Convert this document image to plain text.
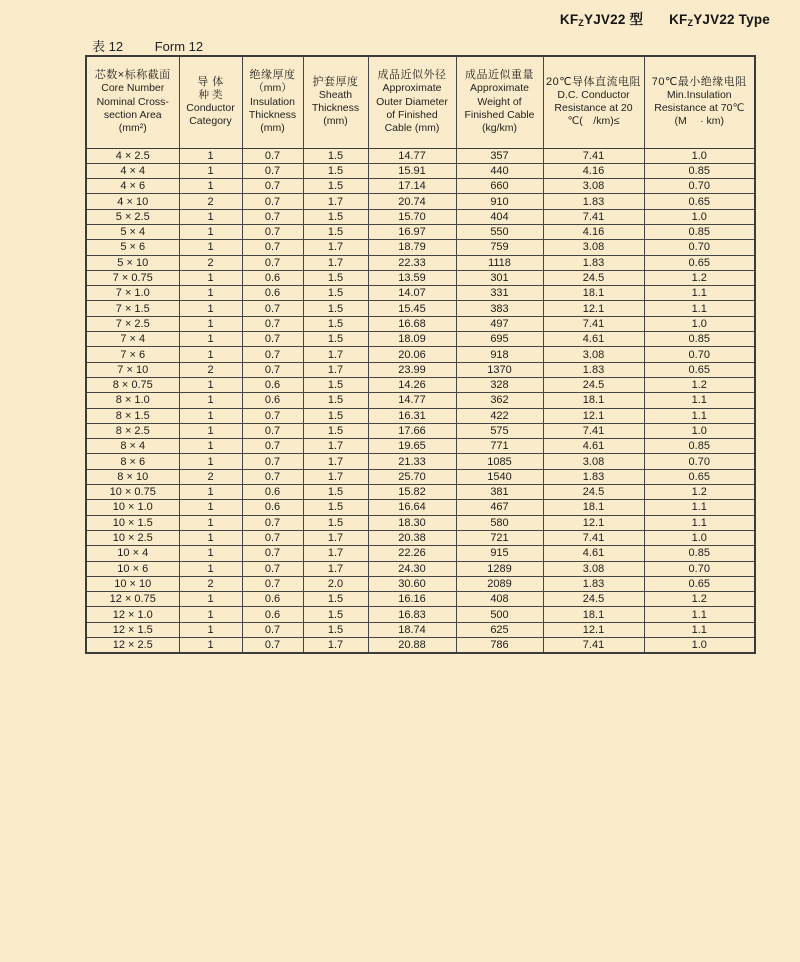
$KF_ZYJV22$ 型 $KF_ZYJV22$ Type
表 12 Form 12
芯数×标称截面
Core Number
Nominal Cross-
section Area
(mm²)

导 体
种 类
Conductor
Category

绝缘厚度
（mm）
Insulation
Thickness
(mm)

护套厚度
Sheath
Thickness
(mm)

成品近似外径
Approximate
Outer Diameter
of Finished
Cable (mm)

成品近似重量
Approximate
Weight of
Finished Cable
(kg/km)

20℃导体直流电阻
D.C. Conductor
Resistance at 20
℃(　/km)≤

70℃最小绝缘电阻
Min.Insulation
Resistance at 70℃
(M　 · km)

4 × 2.5	1	0.7	1.5	14.77	357	7.41	1.0
4 × 4	1	0.7	1.5	15.91	440	4.16	0.85
4 × 6	1	0.7	1.5	17.14	660	3.08	0.70
4 × 10	2	0.7	1.7	20.74	910	1.83	0.65
5 × 2.5	1	0.7	1.5	15.70	404	7.41	1.0
5 × 4	1	0.7	1.5	16.97	550	4.16	0.85
5 × 6	1	0.7	1.7	18.79	759	3.08	0.70
5 × 10	2	0.7	1.7	22.33	1118	1.83	0.65
7 × 0.75	1	0.6	1.5	13.59	301	24.5	1.2
7 × 1.0	1	0.6	1.5	14.07	331	18.1	1.1
7 × 1.5	1	0.7	1.5	15.45	383	12.1	1.1
7 × 2.5	1	0.7	1.5	16.68	497	7.41	1.0
7 × 4	1	0.7	1.5	18.09	695	4.61	0.85
7 × 6	1	0.7	1.7	20.06	918	3.08	0.70
7 × 10	2	0.7	1.7	23.99	1370	1.83	0.65
8 × 0.75	1	0.6	1.5	14.26	328	24.5	1.2
8 × 1.0	1	0.6	1.5	14.77	362	18.1	1.1
8 × 1.5	1	0.7	1.5	16.31	422	12.1	1.1
8 × 2.5	1	0.7	1.5	17.66	575	7.41	1.0
8 × 4	1	0.7	1.7	19.65	771	4.61	0.85
8 × 6	1	0.7	1.7	21.33	1085	3.08	0.70
8 × 10	2	0.7	1.7	25.70	1540	1.83	0.65
10 × 0.75	1	0.6	1.5	15.82	381	24.5	1.2
10 × 1.0	1	0.6	1.5	16.64	467	18.1	1.1
10 × 1.5	1	0.7	1.5	18.30	580	12.1	1.1
10 × 2.5	1	0.7	1.7	20.38	721	7.41	1.0
10 × 4	1	0.7	1.7	22.26	915	4.61	0.85
10 × 6	1	0.7	1.7	24.30	1289	3.08	0.70
10 × 10	2	0.7	2.0	30.60	2089	1.83	0.65
12 × 0.75	1	0.6	1.5	16.16	408	24.5	1.2
12 × 1.0	1	0.6	1.5	16.83	500	18.1	1.1
12 × 1.5	1	0.7	1.5	18.74	625	12.1	1.1
12 × 2.5	1	0.7	1.7	20.88	786	7.41	1.0
